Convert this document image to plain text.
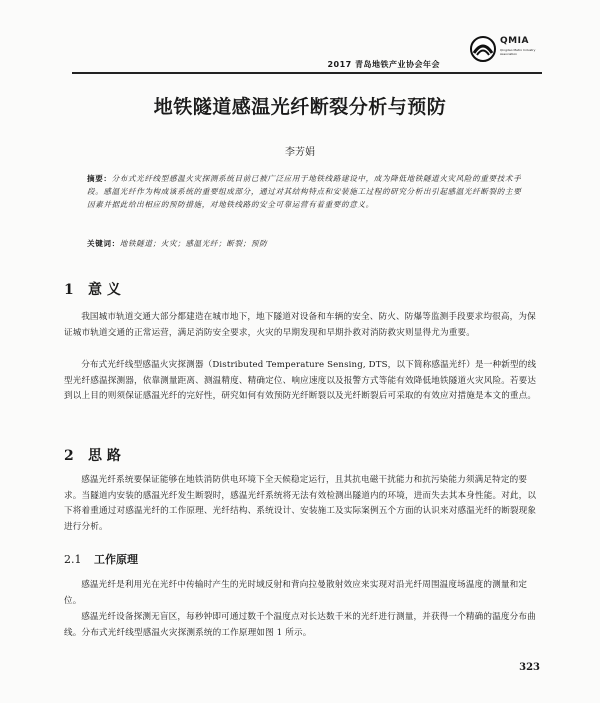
2017 青岛地铁产业协会年会
QMIA
Qingdao Metro Industry Association
地铁隧道感温光纤断裂分析与预防
李芳娟
摘要：分布式光纤线型感温火灾探测系统目前已被广泛应用于地铁线路建设中，成为降低地铁隧道火灾风险的重要技术手段。感温光纤作为构成该系统的重要组成部分，通过对其结构特点和安装施工过程的研究分析出引起感温光纤断裂的主要因素并据此给出相应的预防措施，对地铁线路的安全可靠运营有着重要的意义。
关键词：地铁隧道；火灾；感温光纤；断裂；预防
1 意 义
我国城市轨道交通大部分都建造在城市地下，地下隧道对设备和车辆的安全、防火、防爆等监测手段要求均很高，为保证城市轨道交通的正常运营，满足消防安全要求，火灾的早期发现和早期扑救对消防救灾则显得尤为重要。
分布式光纤线型感温火灾探测器（Distributed Temperature Sensing, DTS，以下简称感温光纤）是一种新型的线型光纤感温探测器，依靠测量距离、测温精度、精确定位、响应速度以及报警方式等能有效降低地铁隧道火灾风险。若要达到以上目的则须保证感温光纤的完好性，研究如何有效预防光纤断裂以及光纤断裂后可采取的有效应对措施是本文的重点。
2 思 路
感温光纤系统要保证能够在地铁消防供电环境下全天候稳定运行，且其抗电磁干扰能力和抗污染能力须满足特定的要求。当隧道内安装的感温光纤发生断裂时，感温光纤系统将无法有效检测出隧道内的环境，进而失去其本身性能。对此，以下将着重通过对感温光纤的工作原理、光纤结构、系统设计、安装施工及实际案例五个方面的认识来对感温光纤的断裂现象进行分析。
2.1 工作原理
感温光纤是利用光在光纤中传输时产生的光时域反射和背向拉曼散射效应来实现对沿光纤周围温度场温度的测量和定位。
感温光纤设备探测无盲区，每秒钟即可通过数千个温度点对长达数千米的光纤进行测量，并获得一个精确的温度分布曲线。分布式光纤线型感温火灾探测系统的工作原理如图 1 所示。
323
